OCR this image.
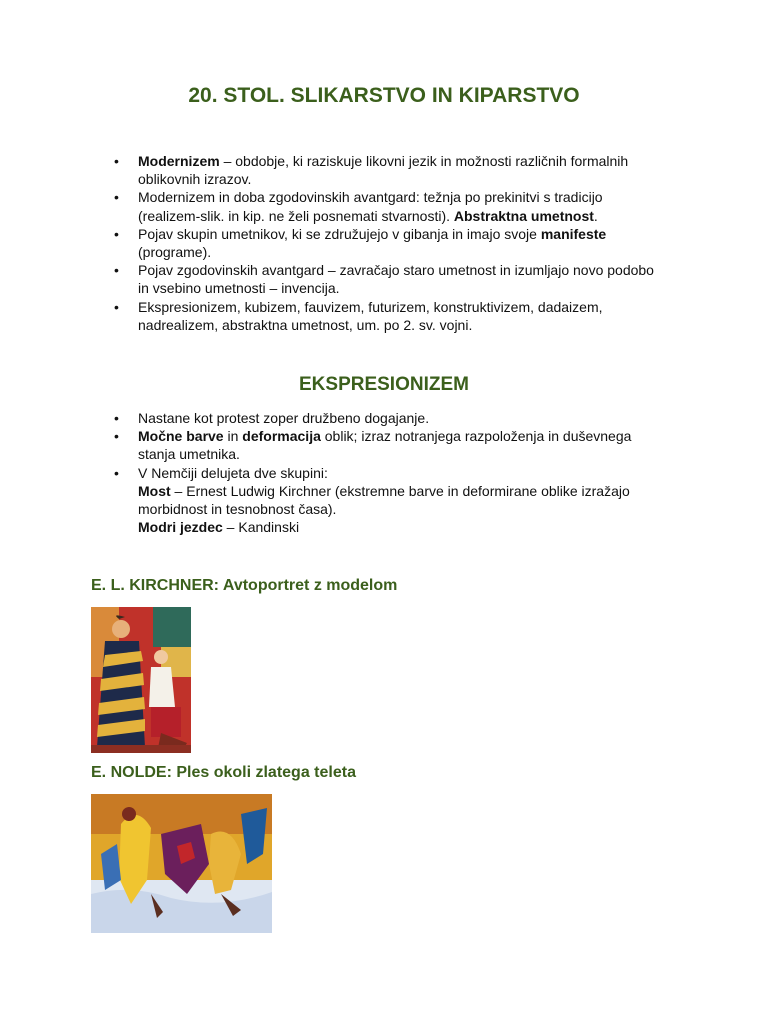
20. STOL. SLIKARSTVO IN KIPARSTVO
• Modernizem – obdobje, ki raziskuje likovni jezik in možnosti različnih formalnih oblikovnih izrazov.
• Modernizem in doba zgodovinskih avantgard: težnja po prekinitvi s tradicijo (realizem-slik. in kip. ne želi posnemati stvarnosti). Abstraktna umetnost.
• Pojav skupin umetnikov, ki se združujejo v gibanja in imajo svoje manifeste (programe).
• Pojav zgodovinskih avantgard – zavračajo staro umetnost in izumljajo novo podobo in vsebino umetnosti – invencija.
• Ekspresionizem, kubizem, fauvizem, futurizem, konstruktivizem, dadaizem, nadrealizem, abstraktna umetnost, um. po 2. sv. vojni.
EKSPRESIONIZEM
• Nastane kot protest zoper družbeno dogajanje.
• Močne barve in deformacija oblik; izraz notranjega razpoloženja in duševnega stanja umetnika.
• V Nemčiji delujeta dve skupini:
Most – Ernest Ludwig Kirchner (ekstremne barve in deformirane oblike izražajo morbidnost in tesnobnost časa).
Modri jezdec – Kandinski
E. L. KIRCHNER: Avtoportret z modelom
E. NOLDE: Ples okoli zlatega teleta
